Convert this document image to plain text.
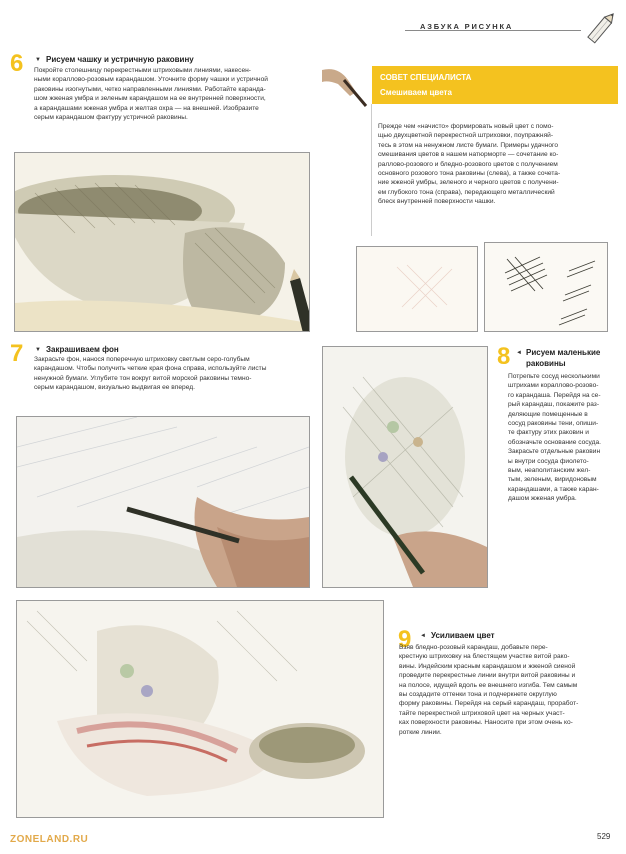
АЗБУКА РИСУНКА
6 ▼ Рисуем чашку и устричную раковину
Покройте столешницу перекрестными штриховыми линиями, накесен-
ными кораллово-розовым карандашом. Уточните форму чашки и устричной
раковины изогнутыми, четко направленными линиями. Работайте каранда-
шом жженая умбра и зеленым карандашом на ее внутренней поверхности,
а карандашами жженая умбра и желтая охра — на внешней. Изобразите
серым карандашом фактуру устричной раковины.
СОВЕТ СПЕЦИАЛИСТА
Смешиваем цвета
Прежде чем «начисто» формировать новый цвет с помо-
щью двухцветной перекрестной штриховки, поупражняй-
тесь в этом на ненужном листе бумаги. Примеры удачного
смешивания цветов в нашем натюрморте — сочетание ко-
раллово-розового и бледно-розового цветов с получением
основного розового тона раковины (слева), а также сочета-
ние жженой умбры, зеленого и черного цветов с получени-
ем глубокого тона (справа), передающего металлический
блеск внутренней поверхности чашки.
7 ▼ Закрашиваем фон
Закрасьте фон, нанося поперечную штриховку светлым серо-голубым
карандашом. Чтобы получить четкие края фона справа, используйте листы
ненужной бумаги. Углубите тон вокруг витой морской раковины темно-
серым карандашом, визуально выдвигая ее вперед.
8 ◄ Рисуем маленькие
раковины
Потрепьте сосуд несколькими
штрихами кораллово-розово-
го карандаша. Перейдя на се-
рый карандаш, покажите раз-
деляющие помещенные в
сосуд раковины тени, опиши-
те фактуру этих раковин и
обозначьте основание сосуда.
Закрасьте отдельные раковин
ы внутри сосуда фиолето-
вым, неаполитанским жел-
тым, зеленым, виридоновым
карандашами, а также каран-
дашом жженая умбра.
9 ◄ Усиливаем цвет
Взяв бледно-розовый карандаш, добавьте пере-
крестную штриховку на блестящем участке витой рако-
вины. Индейским красным карандашом и жженой сиеной
проведите перекрестные линии внутри витой раковины и
на полосе, идущей вдоль ее внешнего изгиба. Тем самым
вы создадите оттенки тона и подчеркнете округлую
форму раковины. Перейдя на серый карандаш, проработ-
тайте перекрестной штриховой цвет на черных участ-
ках поверхности раковины. Наносите при этом очень ко-
роткие линии.
ZONELAND.RU	529
